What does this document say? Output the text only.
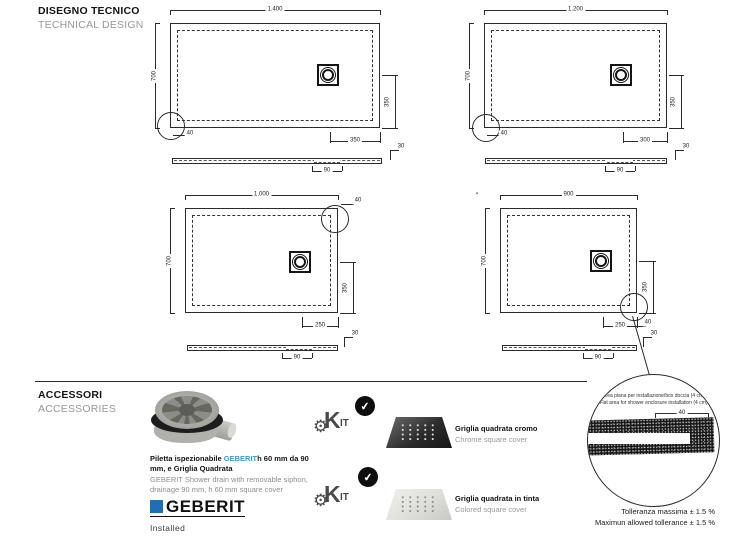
DISEGNO TECNICO
TECHNICAL DESIGN
1.400
700
350
350
40
30
90
1.200
700
350
300
40
30
90
1.000
700
350
250
40
30
90
900
700
350
250	40
30
90
*
Area piana per installazione/box doccia (4 cm)
Flat area for shower enclosure installation (4 cm)
40
Tolleranza massima ± 1.5 %
Maximun allowed tollerance ± 1.5 %
ACCESSORI
ACCESSORIES
Piletta ispezionabile GEBERITh 60 mm da 90 mm, e Griglia Quadrata
GEBERIT Shower drain with removable siphon, drainage 90 mm, h 60 mm square cover
GEBERIT
Installed
⚙
K IT
✔
Griglia quadrata cromo
Chrome square cover
⚙
K IT
✔
Griglia quadrata in tinta
Colored square cover
